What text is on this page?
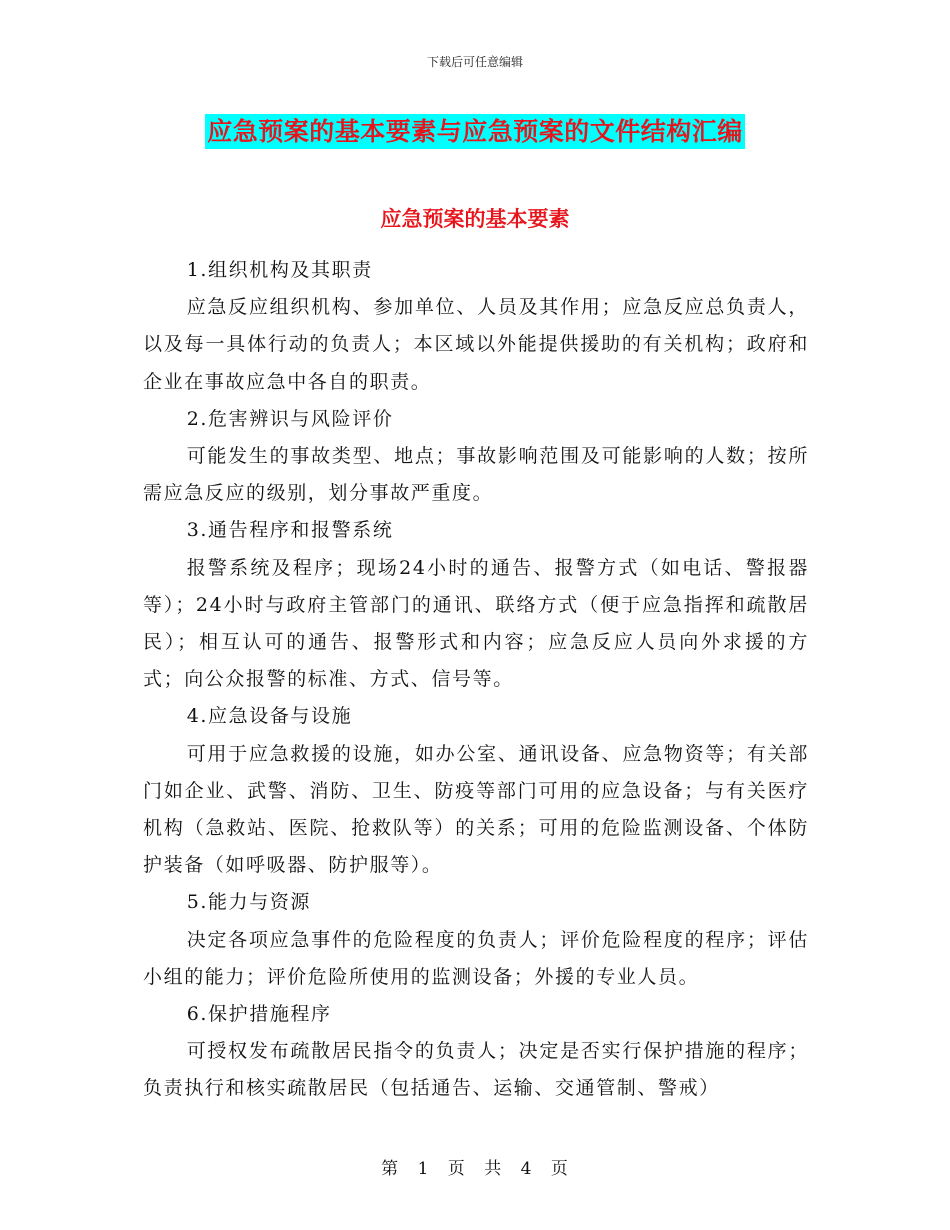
下载后可任意编辑
应急预案的基本要素与应急预案的文件结构汇编
应急预案的基本要素

1.组织机构及其职责

应急反应组织机构、参加单位、人员及其作用；应急反应总负责人，以及每一具体行动的负责人；本区域以外能提供援助的有关机构；政府和企业在事故应急中各自的职责。

2.危害辨识与风险评价

可能发生的事故类型、地点；事故影响范围及可能影响的人数；按所需应急反应的级别，划分事故严重度。

3.通告程序和报警系统

报警系统及程序；现场24小时的通告、报警方式（如电话、警报器等）；24小时与政府主管部门的通讯、联络方式（便于应急指挥和疏散居民）；相互认可的通告、报警形式和内容；应急反应人员向外求援的方式；向公众报警的标准、方式、信号等。

4.应急设备与设施

可用于应急救援的设施，如办公室、通讯设备、应急物资等；有关部门如企业、武警、消防、卫生、防疫等部门可用的应急设备；与有关医疗机构（急救站、医院、抢救队等）的关系；可用的危险监测设备、个体防护装备（如呼吸器、防护服等）。

5.能力与资源

决定各项应急事件的危险程度的负责人；评价危险程度的程序；评估小组的能力；评价危险所使用的监测设备；外援的专业人员。

6.保护措施程序

可授权发布疏散居民指令的负责人；决定是否实行保护措施的程序；负责执行和核实疏散居民（包括通告、运输、交通管制、警戒）

第 1 页 共 4 页
